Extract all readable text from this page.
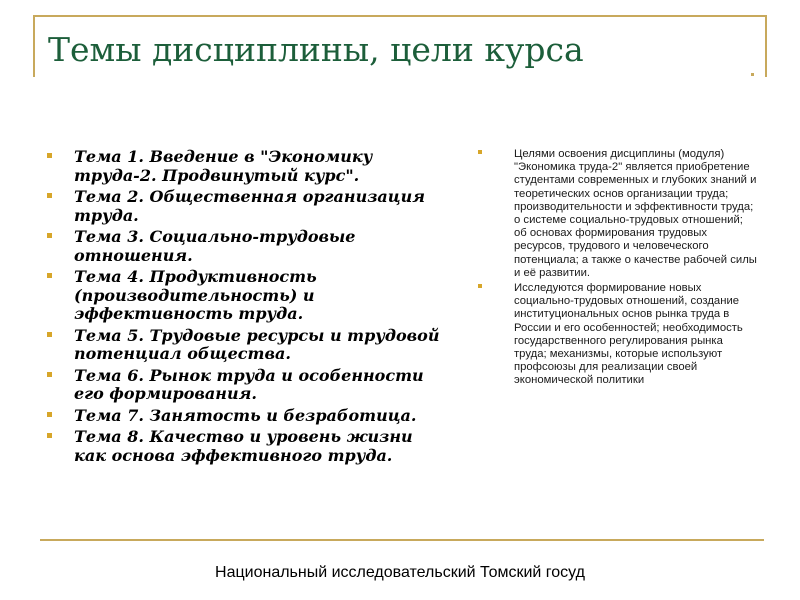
Темы дисциплины, цели курса
Тема 1. Введение в "Экономику труда-2. Продвинутый курс".
Тема 2. Общественная организация труда.
Тема 3. Социально-трудовые отношения.
Тема 4. Продуктивность (производительность) и эффективность труда.
Тема 5. Трудовые ресурсы и трудовой потенциал общества.
Тема 6. Рынок труда и особенности его формирования.
Тема 7. Занятость и безработица.
Тема 8. Качество и уровень жизни как основа эффективного труда.
Целями освоения дисциплины (модуля) "Экономика труда-2" является приобретение студентами современных и глубоких знаний и теоретических основ организации труда; производительности и эффективности труда; о системе социально-трудовых отношений; об основах формирования трудовых ресурсов, трудового и человеческого потенциала; а также о качестве рабочей силы и её развитии.
Исследуются формирование новых социально-трудовых отношений, создание институциональных основ рынка труда в России и его особенностей; необходимость государственного регулирования рынка труда; механизмы, которые используют профсоюзы для реализации своей экономической политики

Национальный исследовательский Томский госуд
